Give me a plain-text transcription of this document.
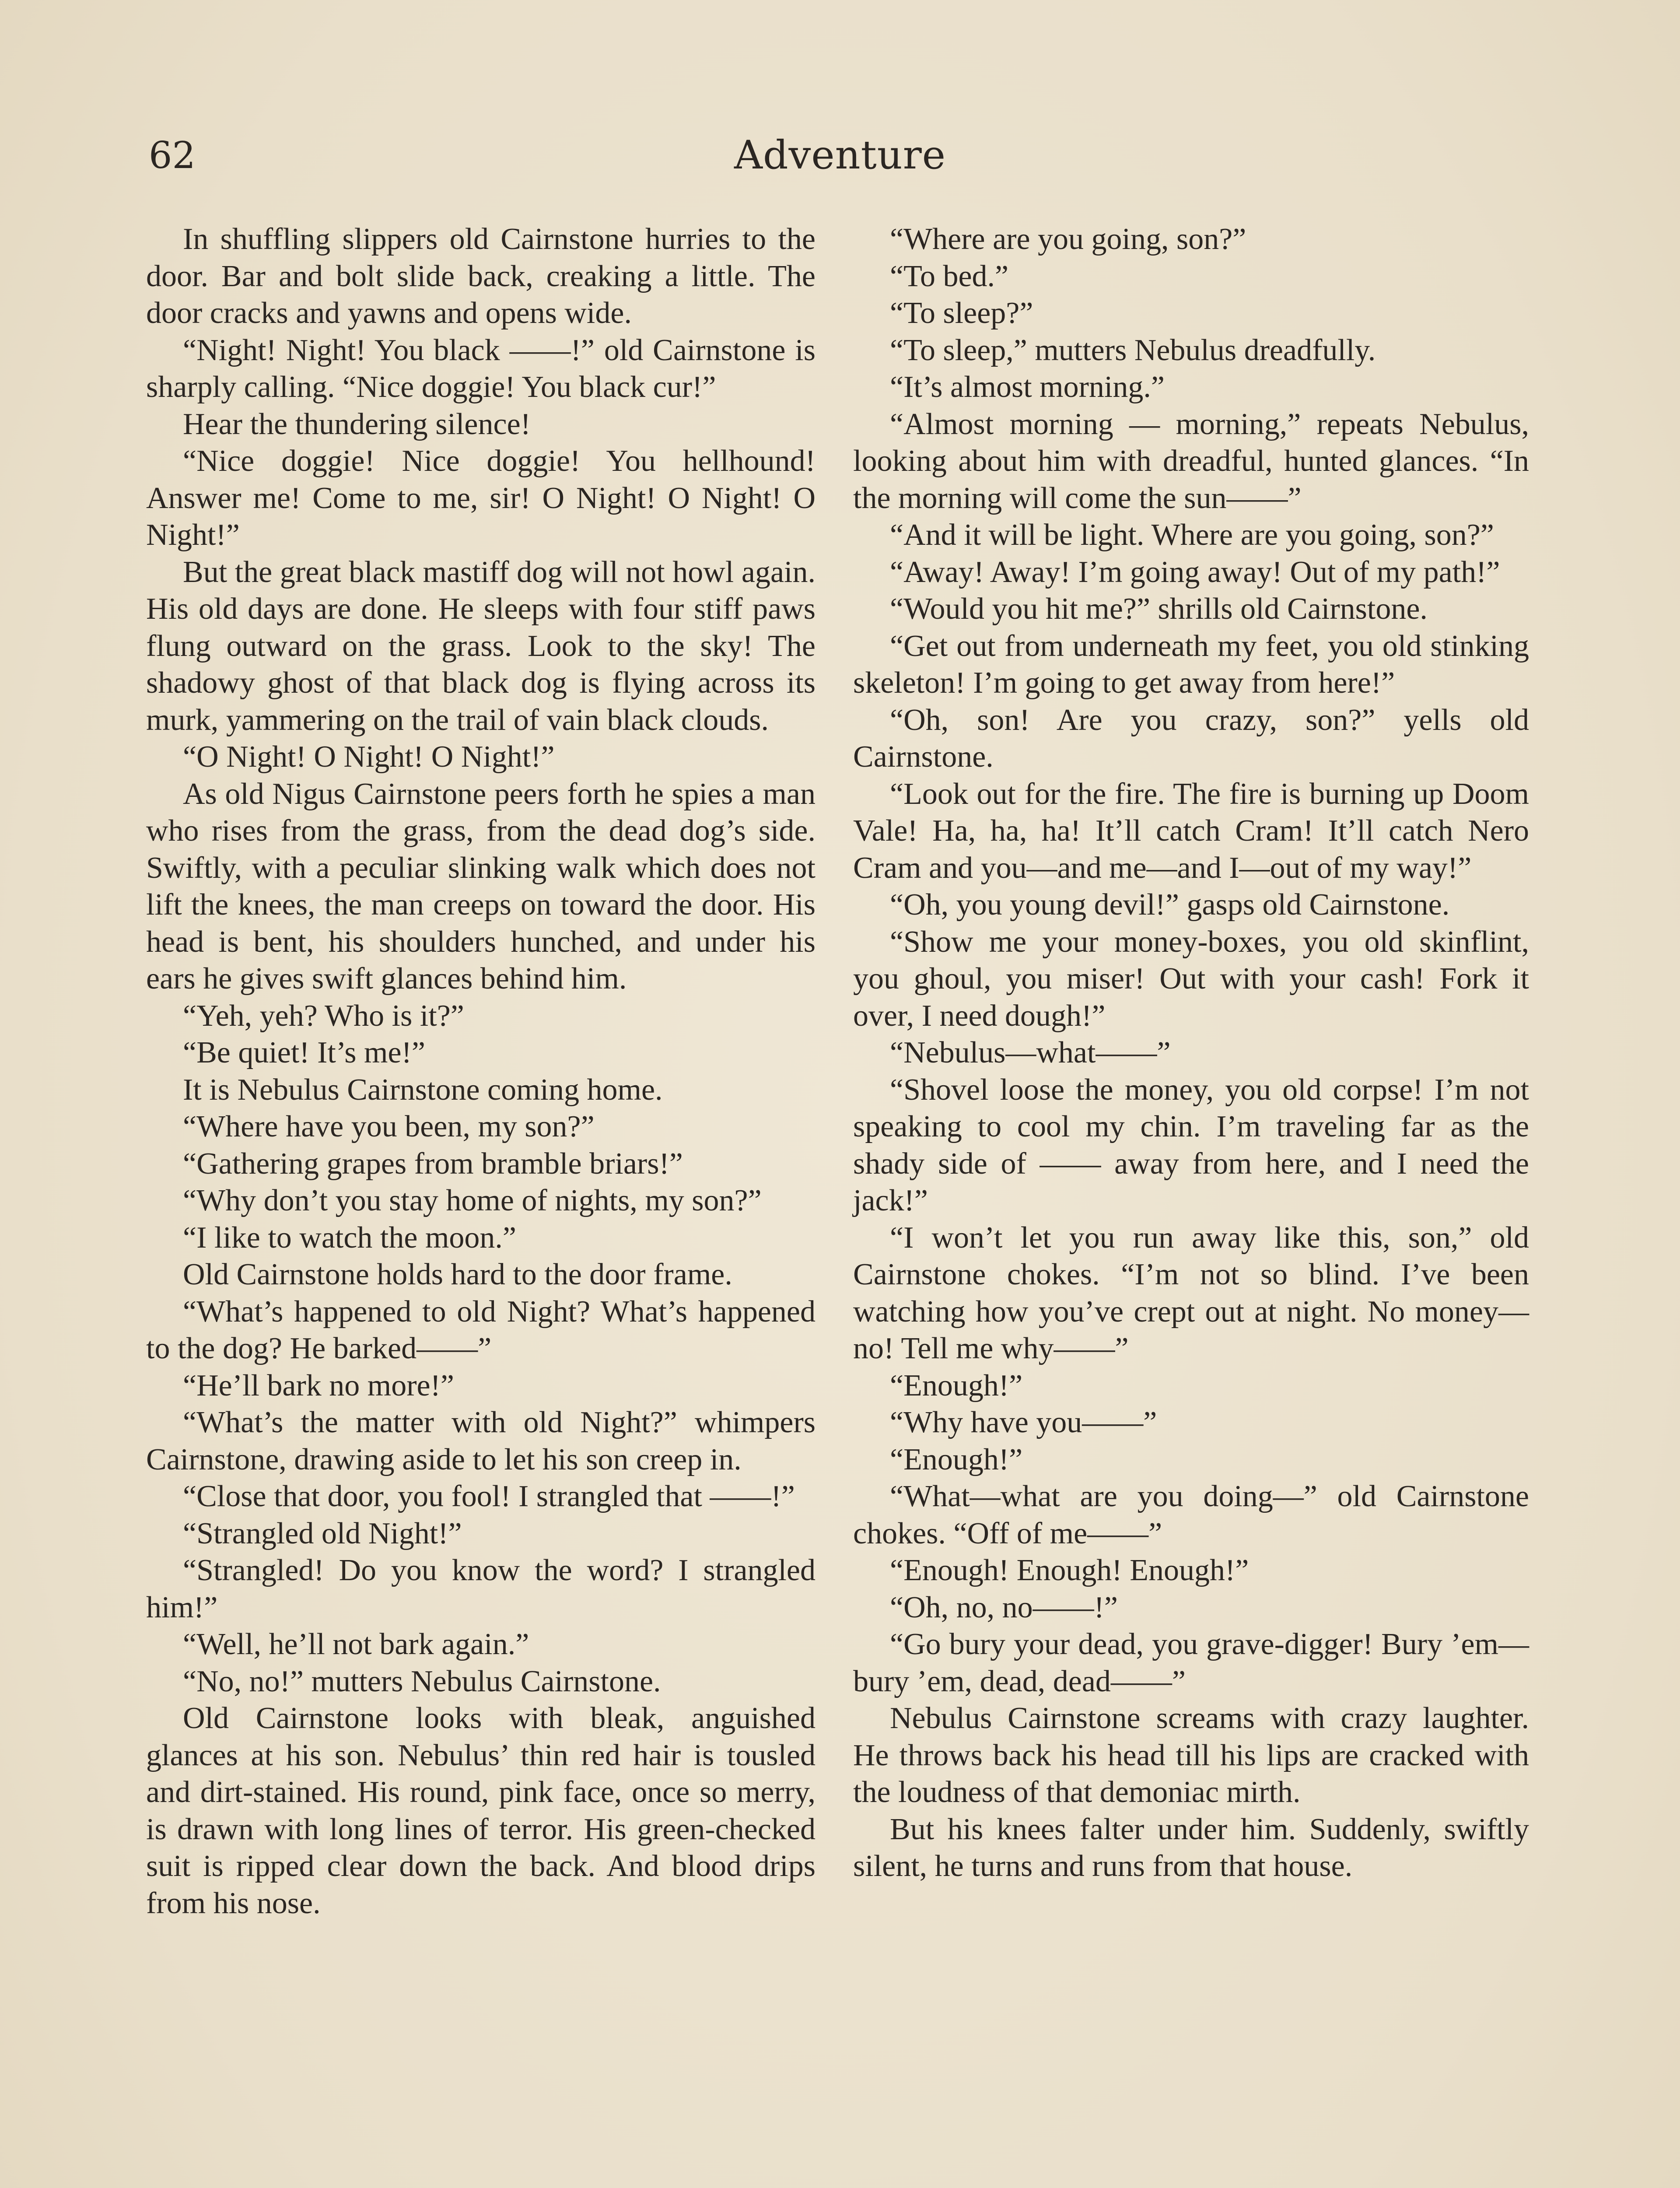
62	Adventure

In shuffling slippers old Cairnstone hurries to the door. Bar and bolt slide back, creaking a little. The door cracks and yawns and opens wide.

“Night! Night! You black ——!” old Cairnstone is sharply calling. “Nice doggie! You black cur!”

Hear the thundering silence!

“Nice doggie! Nice doggie! You hellhound! Answer me! Come to me, sir! O Night! O Night! O Night!”

But the great black mastiff dog will not howl again. His old days are done. He sleeps with four stiff paws flung outward on the grass. Look to the sky! The shadowy ghost of that black dog is flying across its murk, yammering on the trail of vain black clouds.

“O Night! O Night! O Night!”

As old Nigus Cairnstone peers forth he spies a man who rises from the grass, from the dead dog’s side. Swiftly, with a peculiar slinking walk which does not lift the knees, the man creeps on toward the door. His head is bent, his shoulders hunched, and under his ears he gives swift glances behind him.

“Yeh, yeh? Who is it?”

“Be quiet! It’s me!”

It is Nebulus Cairnstone coming home.

“Where have you been, my son?”

“Gathering grapes from bramble briars!”

“Why don’t you stay home of nights, my son?”

“I like to watch the moon.”

Old Cairnstone holds hard to the door frame.

“What’s happened to old Night? What’s happened to the dog? He barked——”

“He’ll bark no more!”

“What’s the matter with old Night?” whimpers Cairnstone, drawing aside to let his son creep in.

“Close that door, you fool! I strangled that ——!”

“Strangled old Night!”

“Strangled! Do you know the word? I strangled him!”

“Well, he’ll not bark again.”

“No, no!” mutters Nebulus Cairnstone.

Old Cairnstone looks with bleak, anguished glances at his son. Nebulus’ thin red hair is tousled and dirt-stained. His round, pink face, once so merry, is drawn with long lines of terror. His green-checked suit is ripped clear down the back. And blood drips from his nose.

“Where are you going, son?”

“To bed.”

“To sleep?”

“To sleep,” mutters Nebulus dreadfully.

“It’s almost morning.”

“Almost morning — morning,” repeats Nebulus, looking about him with dreadful, hunted glances. “In the morning will come the sun——”

“And it will be light. Where are you going, son?”

“Away! Away! I’m going away! Out of my path!”

“Would you hit me?” shrills old Cairnstone.

“Get out from underneath my feet, you old stinking skeleton! I’m going to get away from here!”

“Oh, son! Are you crazy, son?” yells old Cairnstone.

“Look out for the fire. The fire is burning up Doom Vale! Ha, ha, ha! It’ll catch Cram! It’ll catch Nero Cram and you—and me—and I—out of my way!”

“Oh, you young devil!” gasps old Cairnstone.

“Show me your money-boxes, you old skinflint, you ghoul, you miser! Out with your cash! Fork it over, I need dough!”

“Nebulus—what——”

“Shovel loose the money, you old corpse! I’m not speaking to cool my chin. I’m traveling far as the shady side of —— away from here, and I need the jack!”

“I won’t let you run away like this, son,” old Cairnstone chokes. “I’m not so blind. I’ve been watching how you’ve crept out at night. No money—no! Tell me why——”

“Enough!”

“Why have you——”

“Enough!”

“What—what are you doing—” old Cairnstone chokes. “Off of me——”

“Enough! Enough! Enough!”

“Oh, no, no——!”

“Go bury your dead, you grave-digger! Bury ’em—bury ’em, dead, dead——”

Nebulus Cairnstone screams with crazy laughter. He throws back his head till his lips are cracked with the loudness of that demoniac mirth.

But his knees falter under him. Suddenly, swiftly silent, he turns and runs from that house.
